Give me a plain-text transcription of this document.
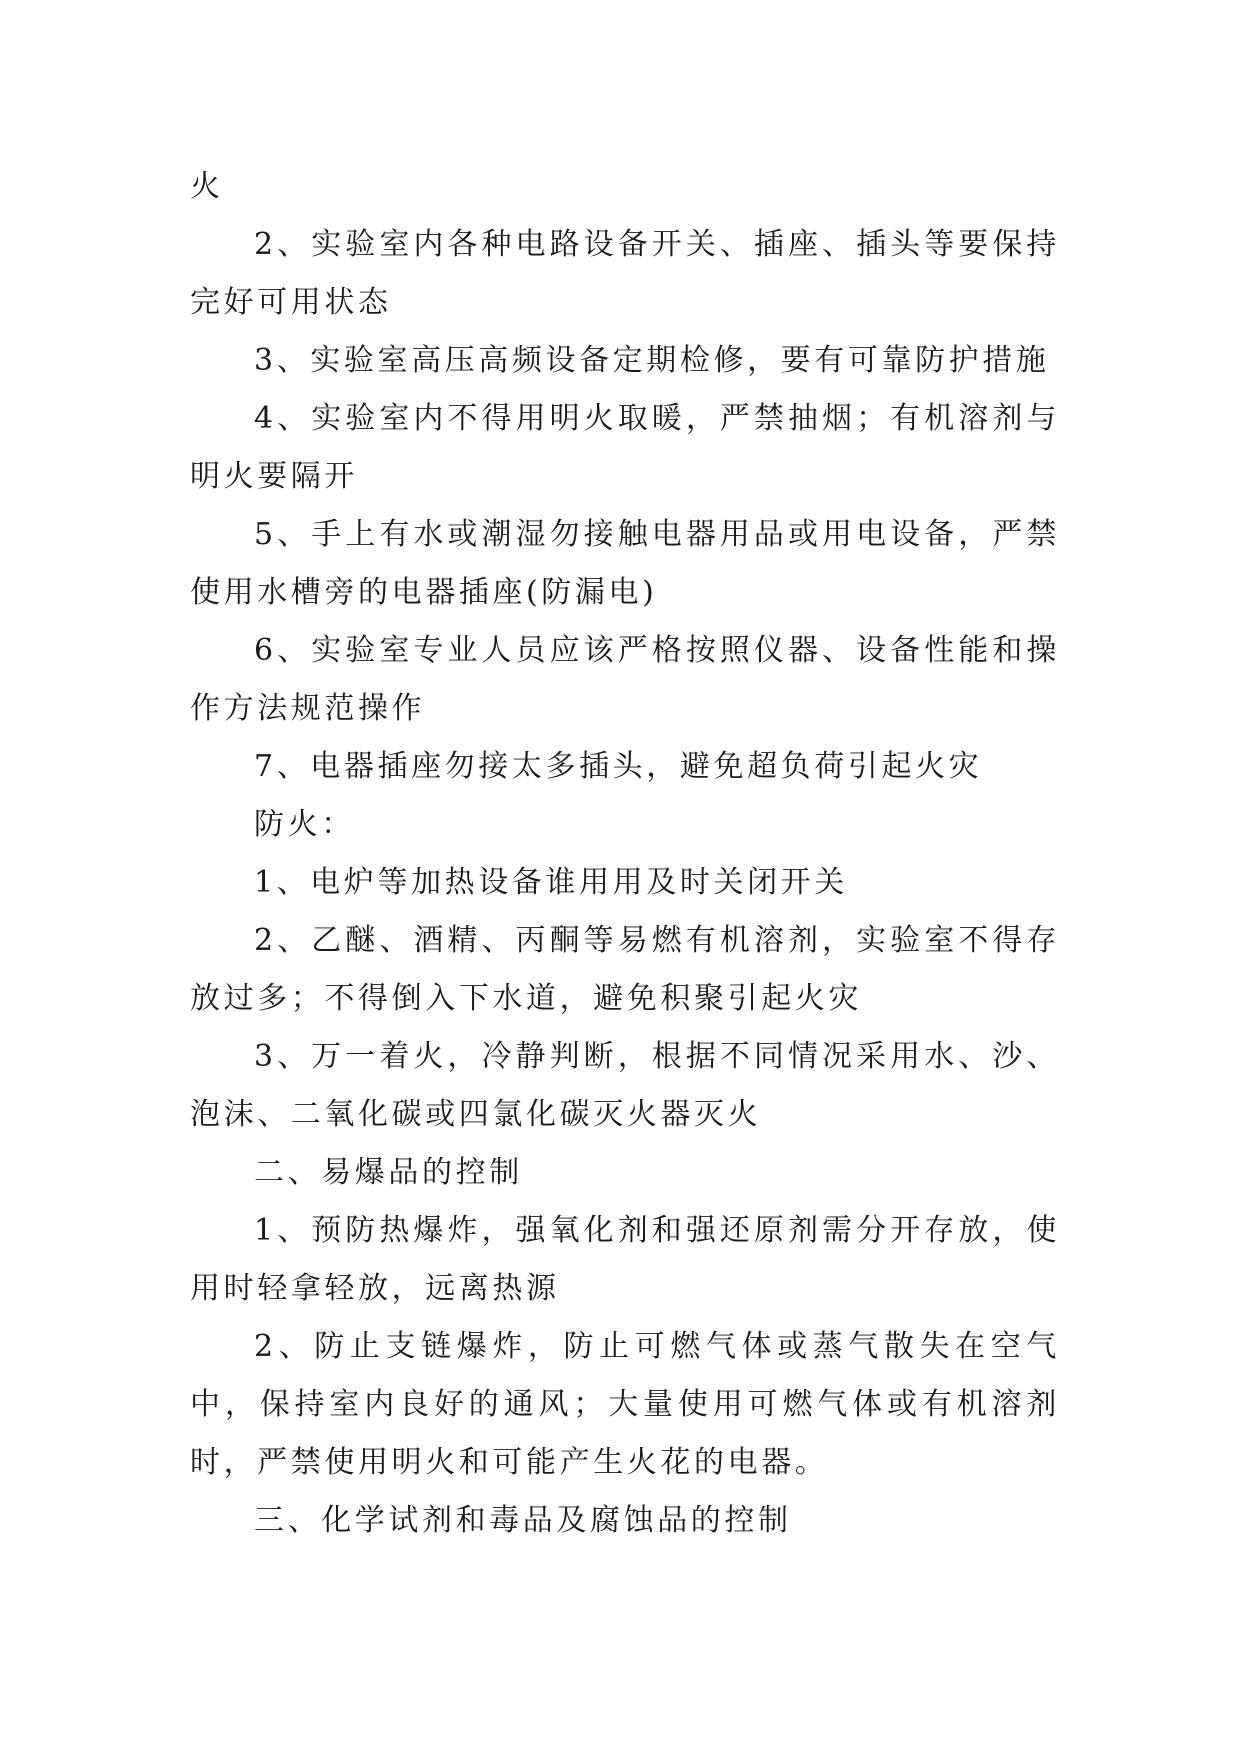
火

2、实验室内各种电路设备开关、插座、插头等要保持完好可用状态

3、实验室高压高频设备定期检修，要有可靠防护措施

4、实验室内不得用明火取暖，严禁抽烟；有机溶剂与明火要隔开

5、手上有水或潮湿勿接触电器用品或用电设备，严禁使用水槽旁的电器插座(防漏电)

6、实验室专业人员应该严格按照仪器、设备性能和操作方法规范操作

7、电器插座勿接太多插头，避免超负荷引起火灾

防火：

1、电炉等加热设备谁用用及时关闭开关

2、乙醚、酒精、丙酮等易燃有机溶剂，实验室不得存放过多；不得倒入下水道，避免积聚引起火灾

3、万一着火，冷静判断，根据不同情况采用水、沙、泡沫、二氧化碳或四氯化碳灭火器灭火

二、易爆品的控制

1、预防热爆炸，强氧化剂和强还原剂需分开存放，使用时轻拿轻放，远离热源

2、防止支链爆炸，防止可燃气体或蒸气散失在空气中，保持室内良好的通风；大量使用可燃气体或有机溶剂时，严禁使用明火和可能产生火花的电器。

三、化学试剂和毒品及腐蚀品的控制
